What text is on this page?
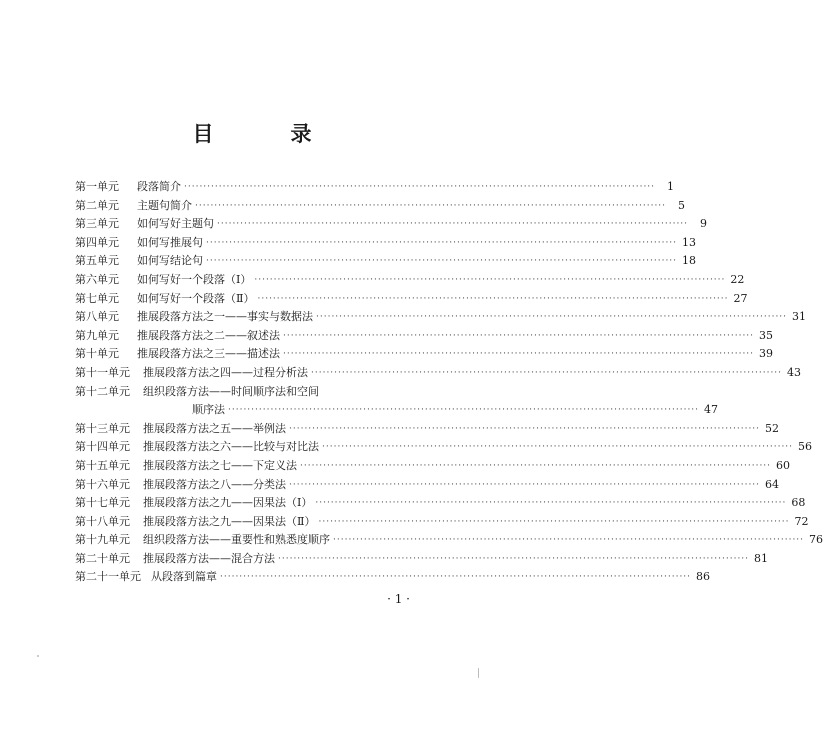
目　录
第一单元	段落简介 ·····	1
第二单元	主题句简介 ·····	5
第三单元	如何写好主题句 ·····	9
第四单元	如何写推展句 ·····	13
第五单元	如何写结论句 ·····	18
第六单元	如何写好一个段落（Ⅰ） ·····	22
第七单元	如何写好一个段落（Ⅱ） ·····	27
第八单元	推展段落方法之一——事实与数据法 ·····	31
第九单元	推展段落方法之二——叙述法 ·····	35
第十单元	推展段落方法之三——描述法 ·····	39
第十一单元	推展段落方法之四——过程分析法 ·····	43
第十二单元	组织段落方法——时间顺序法和空间
顺序法 ·····	47
第十三单元	推展段落方法之五——举例法 ·····	52
第十四单元	推展段落方法之六——比较与对比法 ·····	56
第十五单元	推展段落方法之七——下定义法 ·····	60
第十六单元	推展段落方法之八——分类法 ·····	64
第十七单元	推展段落方法之九——因果法（Ⅰ） ·····	68
第十八单元	推展段落方法之九——因果法（Ⅱ） ·····	72
第十九单元	组织段落方法——重要性和熟悉度顺序 ·····	76
第二十单元	推展段落方法——混合方法 ·····	81
第二十一单元 从段落到篇章 ·····	86
· 1 ·
